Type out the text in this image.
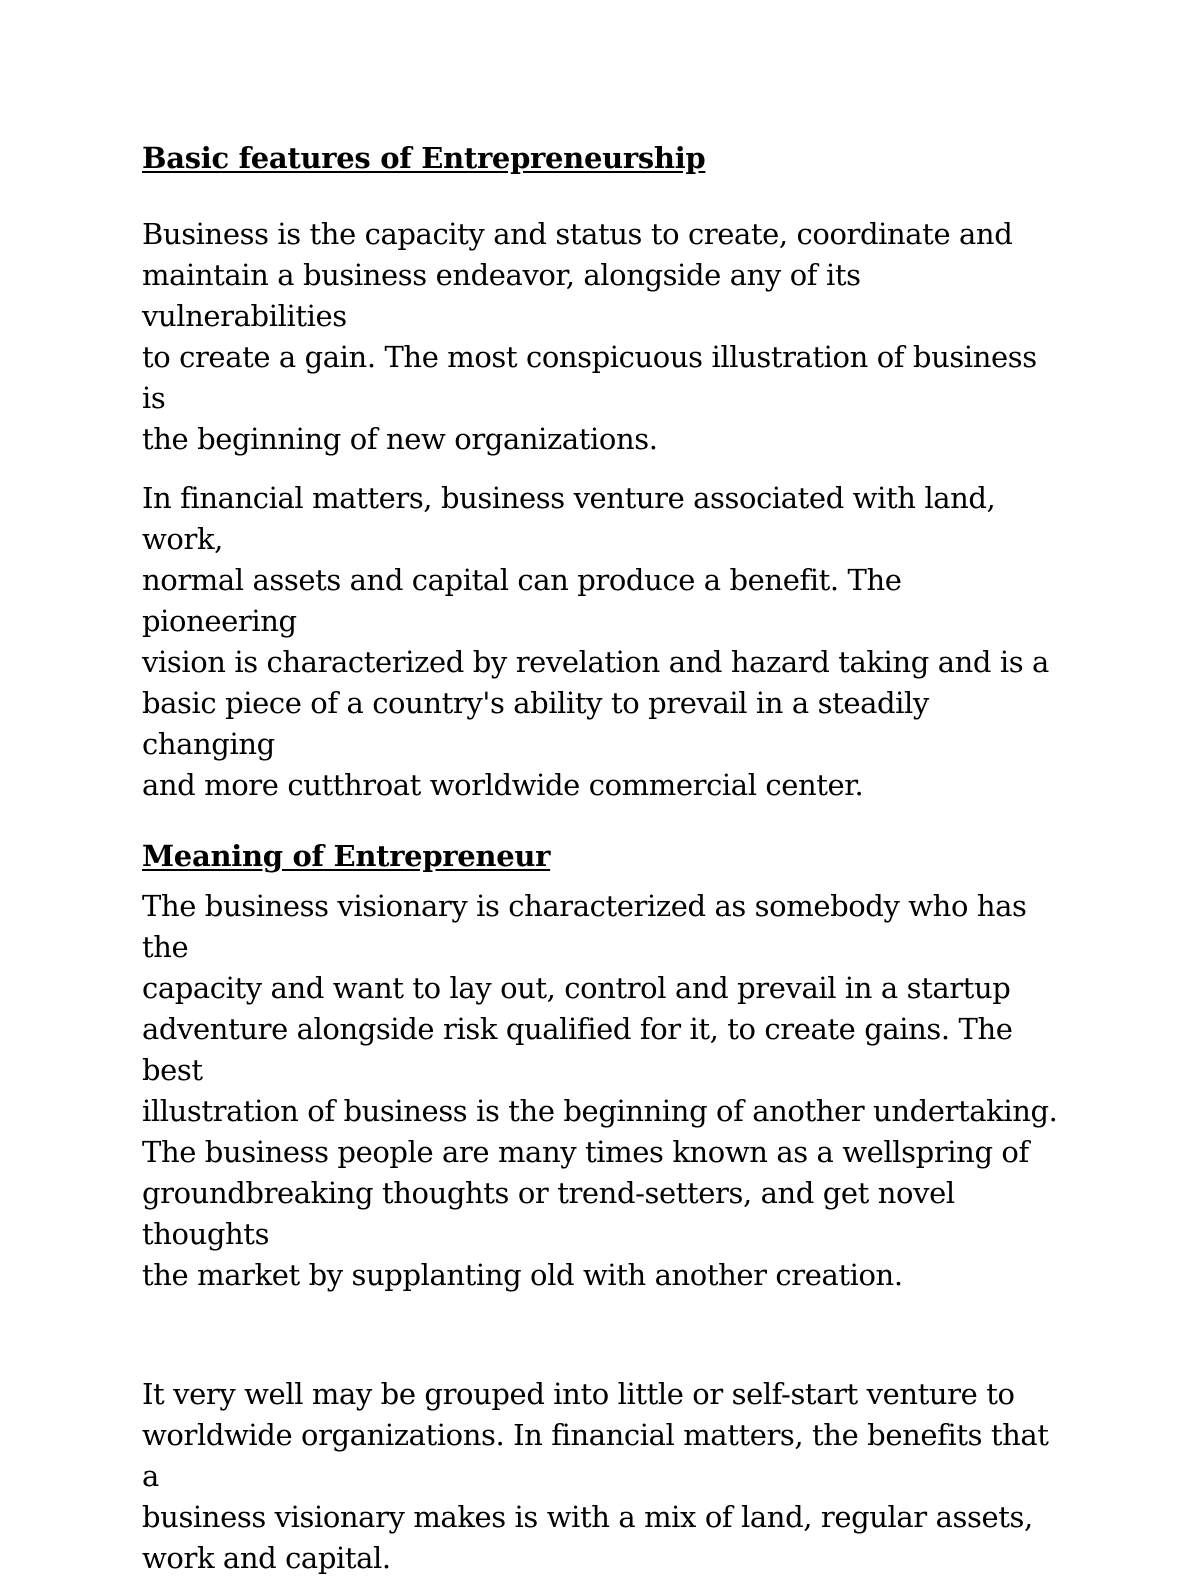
Basic features of Entrepreneurship

Business is the capacity and status to create, coordinate and
maintain a business endeavor, alongside any of its vulnerabilities
to create a gain. The most conspicuous illustration of business is
the beginning of new organizations.

In financial matters, business venture associated with land, work,
normal assets and capital can produce a benefit. The pioneering
vision is characterized by revelation and hazard taking and is a
basic piece of a country's ability to prevail in a steadily changing
and more cutthroat worldwide commercial center.

Meaning of Entrepreneur

The business visionary is characterized as somebody who has the
capacity and want to lay out, control and prevail in a startup
adventure alongside risk qualified for it, to create gains. The best
illustration of business is the beginning of another undertaking.
The business people are many times known as a wellspring of
groundbreaking thoughts or trend-setters, and get novel thoughts
the market by supplanting old with another creation.

It very well may be grouped into little or self-start venture to
worldwide organizations. In financial matters, the benefits that a
business visionary makes is with a mix of land, regular assets,
work and capital.
